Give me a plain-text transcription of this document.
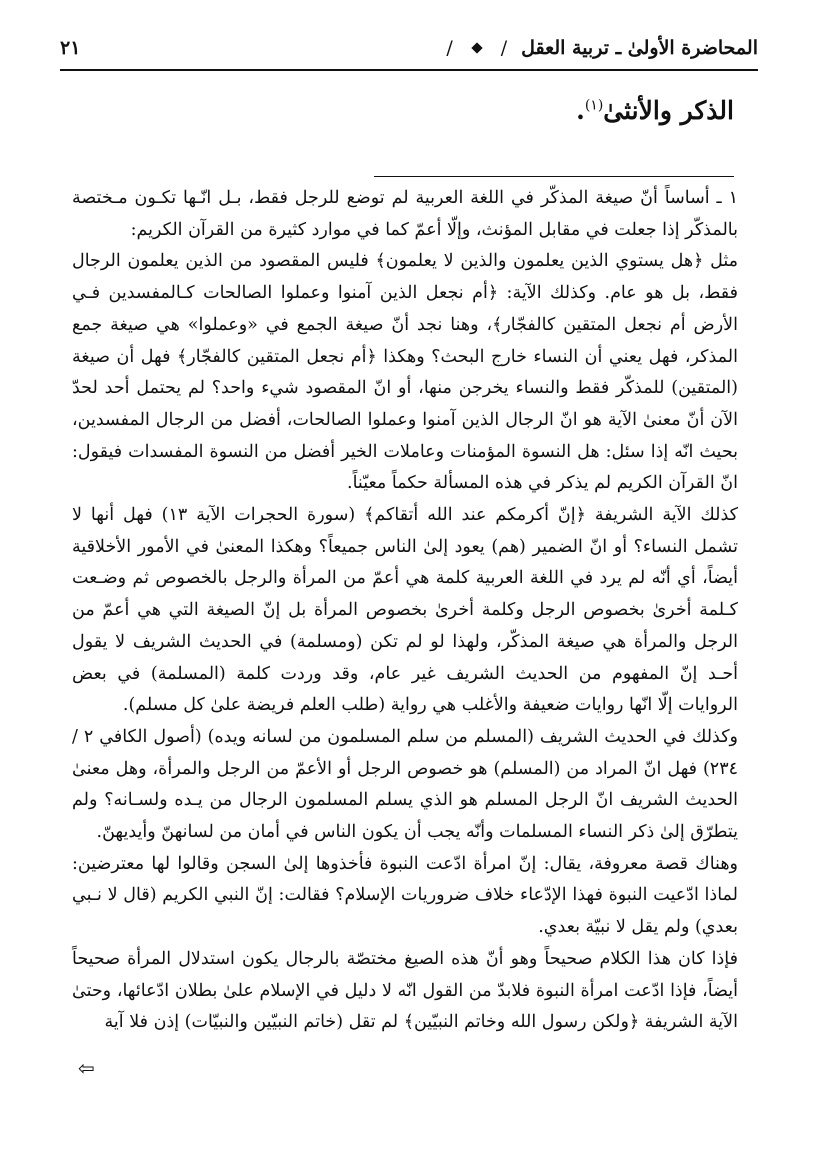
المحاضرة الأولىٰ ـ تربية العقل
/
/
٢١
الذكر والأنثىٰ$^{(١)}$.

١ ـ أساساً أنّ صيغة المذكّر في اللغة العربية لم توضع للرجل فقط، بـل انّـها تكـون مـختصة بالمذكّر إذا جعلت في مقابل المؤنث، وإلّا أعمّ كما في موارد كثيرة من القرآن الكريم:

مثل ﴿هل يستوي الذين يعلمون والذين لا يعلمون﴾ فليس المقصود من الذين يعلمون الرجال فقط، بل هو عام. وكذلك الآية: ﴿أم نجعل الذين آمنوا وعملوا الصالحات كـالمفسدين فـي الأرض أم نجعل المتقين كالفجّار﴾، وهنا نجد أنّ صيغة الجمع في «وعملوا» هي صيغة جمع المذكر، فهل يعني أن النساء خارج البحث؟ وهكذا ﴿أم نجعل المتقين كالفجّار﴾ فهل أن صيغة (المتقين) للمذكّر فقط والنساء يخرجن منها، أو انّ المقصود شيء واحد؟ لم يحتمل أحد لحدّ الآن أنّ معنىٰ الآية هو انّ الرجال الذين آمنوا وعملوا الصالحات، أفضل من الرجال المفسدين، بحيث انّه إذا سئل: هل النسوة المؤمنات وعاملات الخير أفضل من النسوة المفسدات فيقول: انّ القرآن الكريم لم يذكر في هذه المسألة حكماً معيّناً.

كذلك الآية الشريفة ﴿إنّ أكرمكم عند الله أتقاكم﴾ (سورة الحجرات الآية ١٣) فهل أنها لا تشمل النساء؟ أو انّ الضمير (هم) يعود إلىٰ الناس جميعاً؟ وهكذا المعنىٰ في الأمور الأخلاقية أيضاً، أي أنّه لم يرد في اللغة العربية كلمة هي أعمّ من المرأة والرجل بالخصوص ثم وضـعت كـلمة أخرىٰ بخصوص الرجل وكلمة أخرىٰ بخصوص المرأة بل إنّ الصيغة التي هي أعمّ من الرجل والمرأة هي صيغة المذكّر، ولهذا لو لم تكن (ومسلمة) في الحديث الشريف لا يقول أحـد إنّ المفهوم من الحديث الشريف غير عام، وقد وردت كلمة (المسلمة) في بعض الروايات إلّا انّها روايات ضعيفة والأغلب هي رواية (طلب العلم فريضة علىٰ كل مسلم).

وكذلك في الحديث الشريف (المسلم من سلم المسلمون من لسانه ويده) (أصول الكافي ٢ / ٢٣٤) فهل انّ المراد من (المسلم) هو خصوص الرجل أو الأعمّ من الرجل والمرأة، وهل معنىٰ الحديث الشريف انّ الرجل المسلم هو الذي يسلم المسلمون الرجال من يـده ولسـانه؟ ولم يتطرّق إلىٰ ذكر النساء المسلمات وأنّه يجب أن يكون الناس في أمان من لسانهنّ وأيديهنّ.

وهناك قصة معروفة، يقال: إنّ امرأة ادّعت النبوة فأخذوها إلىٰ السجن وقالوا لها معترضين: لماذا ادّعيت النبوة فهذا الإدّعاء خلاف ضروريات الإسلام؟ فقالت: إنّ النبي الكريم (قال لا نـبي بعدي) ولم يقل لا نبيّة بعدي.

فإذا كان هذا الكلام صحيحاً وهو أنّ هذه الصيغ مختصّة بالرجال يكون استدلال المرأة صحيحاً أيضاً، فإذا ادّعت امرأة النبوة فلابدّ من القول انّه لا دليل في الإسلام علىٰ بطلان ادّعائها، وحتىٰ الآية الشريفة ﴿ولكن رسول الله وخاتم النبيّين﴾ لم تقل (خاتم النبيّين والنبيّات) إذن فلا آية

⇦
